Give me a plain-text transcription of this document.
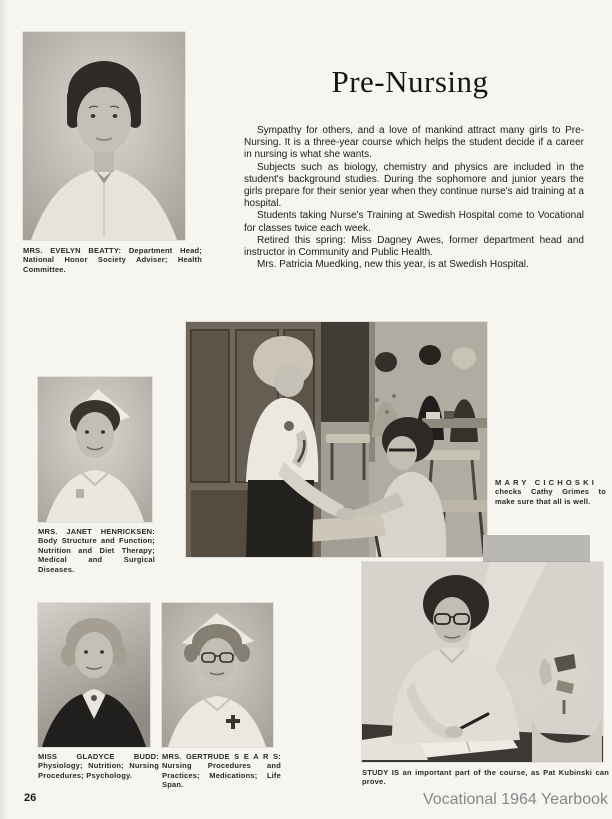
MRS. EVELYN BEATTY: Department Head; National Honor Society Adviser; Health Committee.
Pre-Nursing

Sympathy for others, and a love of mankind attract many girls to Pre-Nursing. It is a three-year course which helps the student decide if a career in nursing is what she wants.

Subjects such as biology, chemistry and physics are included in the student's background studies. During the sophomore and junior years the girls prepare for their senior year when they continue nurse's aid training at a hospital.

Students taking Nurse's Training at Swedish Hospital come to Vocational for classes twice each week.

Retired this spring: Miss Dagney Awes, former department head and instructor in Community and Public Health.

Mrs. Patricia Muedking, new this year, is at Swedish Hospital.

MARY CICHOSKI
checks Cathy Grimes to make sure that all is well.
MRS. JANET HENRICKSEN: Body Structure and Function; Nutrition and Diet Therapy; Medical and Surgical Diseases.
MISS GLADYCE BUDD: Physiology; Nutrition; Nursing Procedures; Psychology.
MRS. GERTRUDE S E A R S: Nursing Procedures and Practices; Medications; Life Span.
STUDY IS an important part of the course, as Pat Kubinski can prove.
26	Vocational 1964 Yearbook
